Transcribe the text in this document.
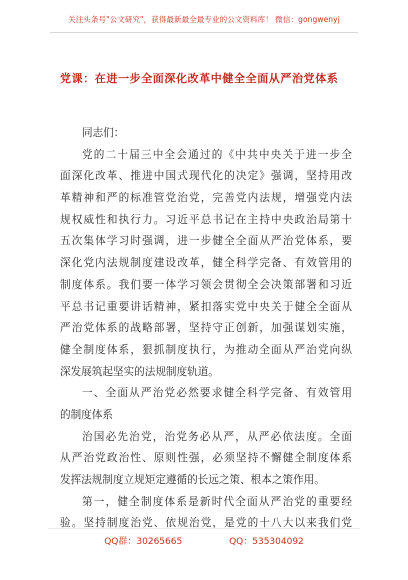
关注头条号"公文研究"，获得最新最全最专业的公文资料库！ 微信：gongwenyj
党课：在进一步全面深化改革中健全全面从严治党体系

同志们：

党的二十届三中全会通过的《中共中央关于进一步全
面深化改革、推进中国式现代化的决定》强调，坚持用改
革精神和严的标准管党治党，完善党内法规，增强党内法
规权威性和执行力。习近平总书记在主持中央政治局第十
五次集体学习时强调，进一步健全全面从严治党体系，要
深化党内法规制度建设改革，健全科学完备、有效管用的
制度体系。我们要一体学习领会贯彻全会决策部署和习近
平总书记重要讲话精神，紧扣落实党中央关于健全全面从
严治党体系的战略部署，坚持守正创新，加强谋划实施，
健全制度体系，狠抓制度执行，为推动全面从严治党向纵
深发展筑起坚实的法规制度轨道。
一、全面从严治党必然要求健全科学完备、有效管用
的制度体系
治国必先治党，治党务必从严，从严必依法度。全面
从严治党政治性、原则性强，必须坚持不懈健全制度体系
发挥法规制度立规矩定遵循的长远之策、根本之策作用。
第一，健全制度体系是新时代全面从严治党的重要经
验。坚持制度治党、依规治党，是党的十八大以来我们党
QQ群：30265665	QQ：535304092
